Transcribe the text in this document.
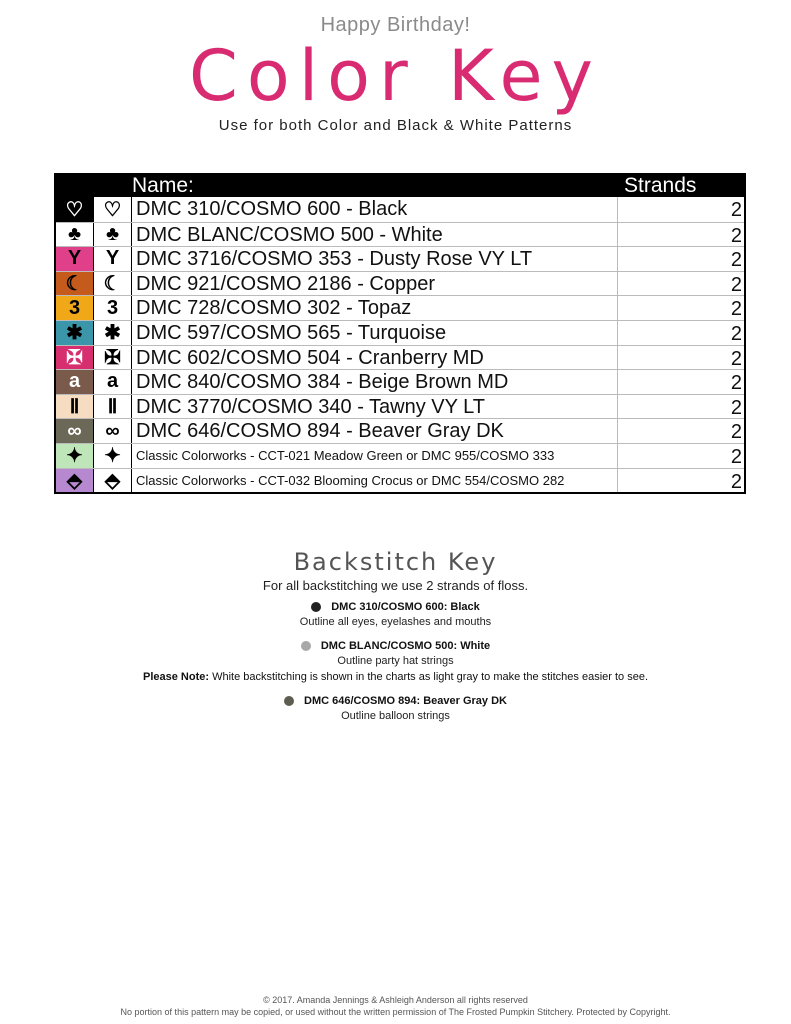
Happy Birthday!
Color Key
Use for both Color and Black & White Patterns
Name:	Strands
♡	♡ DMC 310/COSMO 600 - Black	2
♣	♣ DMC BLANC/COSMO 500 - White	2
Y	Y DMC 3716/COSMO 353 - Dusty Rose VY LT	2
☾	☾ DMC 921/COSMO 2186 - Copper	2
3	3 DMC 728/COSMO 302 - Topaz	2
✱	✱ DMC 597/COSMO 565 - Turquoise	2
✠	✠ DMC 602/COSMO 504 - Cranberry MD	2
a	a DMC 840/COSMO 384 - Beige Brown MD	2
Ⅱ	Ⅱ DMC 3770/COSMO 340 - Tawny VY LT	2
∞	∞ DMC 646/COSMO 894 - Beaver Gray DK	2
✦	✦	Classic Colorworks - CCT-021 Meadow Green or DMC 955/COSMO 333	2
⬘	⬘	Classic Colorworks - CCT-032 Blooming Crocus or DMC 554/COSMO 282	2
Backstitch Key
For all backstitching we use 2 strands of floss.
DMC 310/COSMO 600: Black
Outline all eyes, eyelashes and mouths
DMC BLANC/COSMO 500: White
Outline party hat strings
Please Note: White backstitching is shown in the charts as light gray to make the stitches easier to see.
DMC 646/COSMO 894: Beaver Gray DK
Outline balloon strings
© 2017. Amanda Jennings & Ashleigh Anderson all rights reserved
No portion of this pattern may be copied, or used without the written permission of The Frosted Pumpkin Stitchery. Protected by Copyright.
